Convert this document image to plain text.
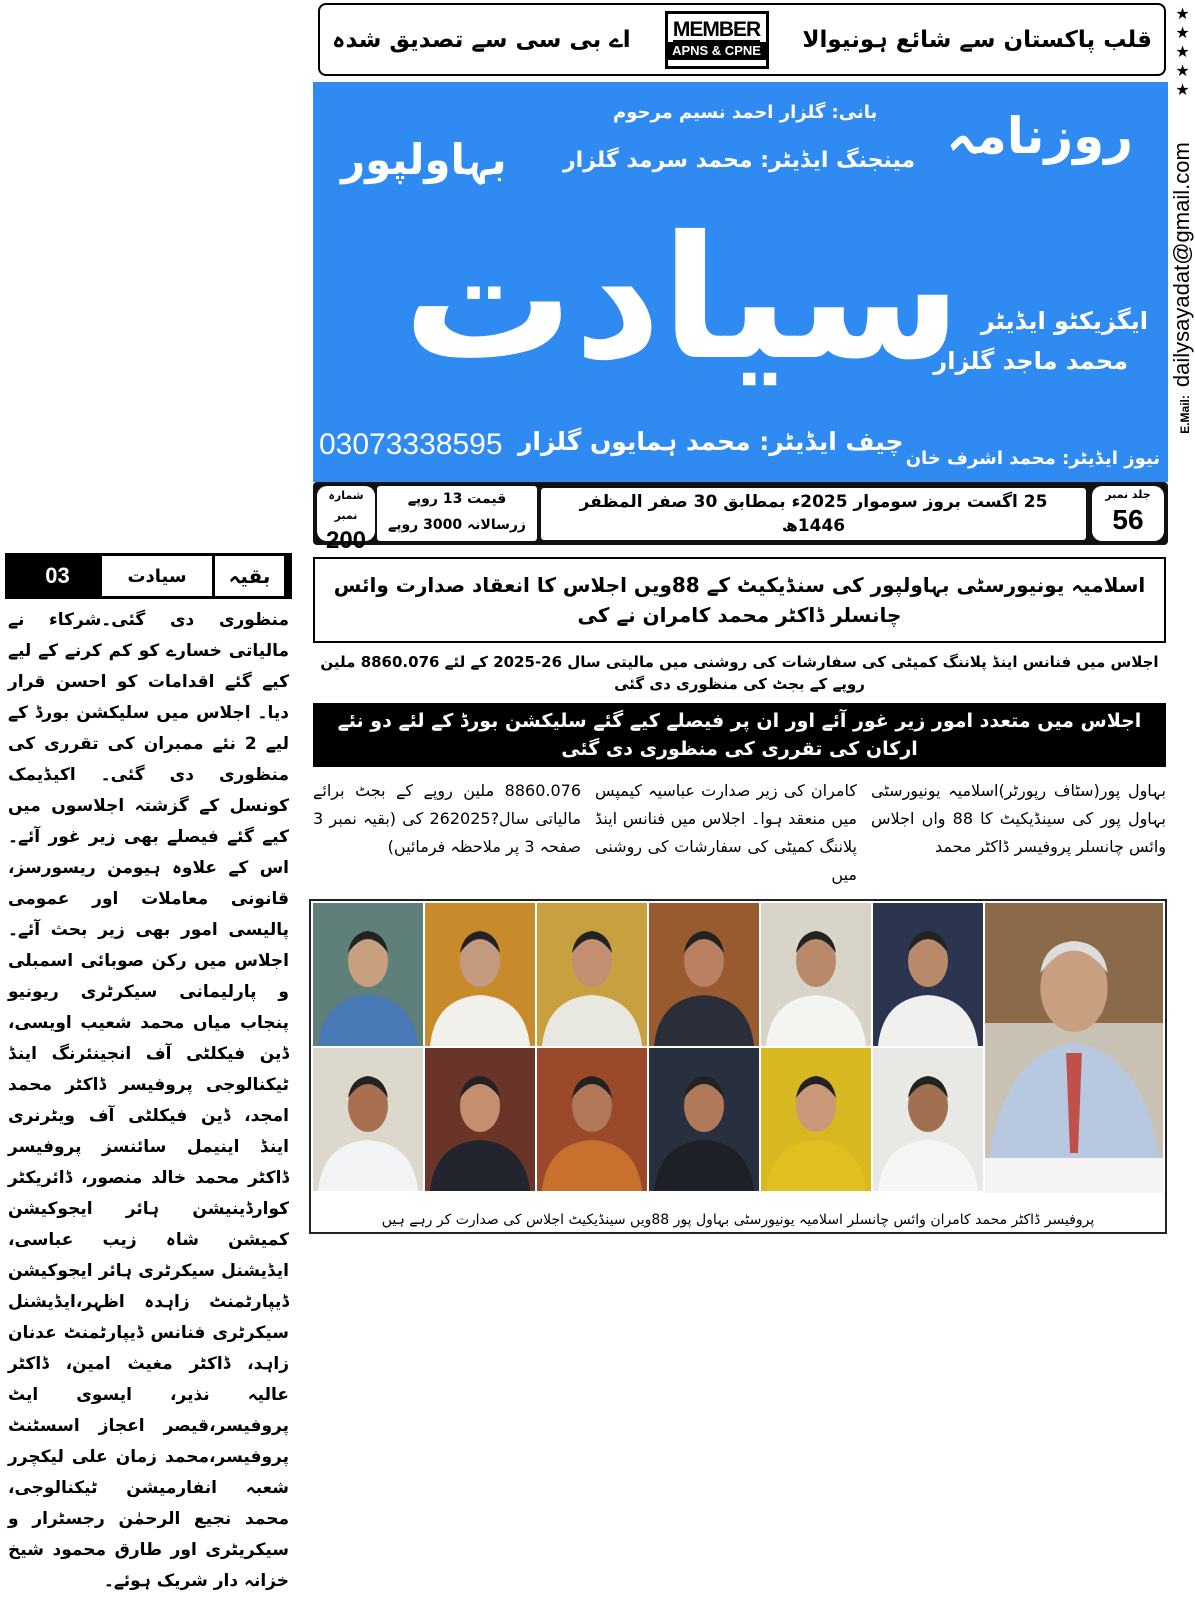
قلب پاکستان سے شائع ہونیوالا
MEMBER
APNS & CPNE
اے بی سی سے تصدیق شدہ	★★★★★
E.Mail:dailysayadat@gmail.com
روزنامہ
بہاولپور
بانی: گلزار احمد نسیم مرحوم
مینجنگ ایڈیٹر: محمد سرمد گلزار
سیادت ایگزیکٹو ایڈیٹر
محمد ماجد گلزار
03073338595 چیف ایڈیٹر: محمد ہمایوں گلزار
نیوز ایڈیٹر: محمد اشرف خان
جلد نمبر
56
25 اگست بروز سوموار 2025ء بمطابق 30 صفر المظفر 1446ھ
قیمت 13 روپے
زرسالانہ 3000 روپے
شمارہ نمبر
200
بقیہ
سیادت
03
منظوری دی گئی۔شرکاء نے مالیاتی خسارے کو کم کرنے کے لیے کیے گئے اقدامات کو احسن قرار دیا۔ اجلاس میں سلیکشن بورڈ کے لیے 2 نئے ممبران کی تقرری کی منظوری دی گئی۔ اکیڈیمک کونسل کے گزشتہ اجلاسوں میں کیے گئے فیصلے بھی زیر غور آئے۔ اس کے علاوہ ہیومن ریسورسز، قانونی معاملات اور عمومی پالیسی امور بھی زیر بحث آئے۔ اجلاس میں رکن صوبائی اسمبلی و پارلیمانی سیکرٹری ریونیو پنجاب میاں محمد شعیب اویسی، ڈین فیکلٹی آف انجینئرنگ اینڈ ٹیکنالوجی پروفیسر ڈاکٹر محمد امجد، ڈین فیکلٹی آف ویٹرنری اینڈ اینیمل سائنسز پروفیسر ڈاکٹر محمد خالد منصور، ڈائریکٹر کوارڈینیشن ہائر ایجوکیشن کمیشن شاہ زیب عباسی، ایڈیشنل سیکرٹری ہائر ایجوکیشن ڈیپارٹمنٹ زاہدہ اظہر،ایڈیشنل سیکرٹری فنانس ڈیپارٹمنٹ عدنان زاہد، ڈاکٹر مغیث امین، ڈاکٹر عالیہ نذیر، ایسوی ایٹ پروفیسر،قیصر اعجاز اسسٹنٹ پروفیسر،محمد زمان علی لیکچرر شعبہ انفارمیشن ٹیکنالوجی، محمد نجیع الرحمٰن رجسٹرار و سیکریٹری اور طارق محمود شیخ خزانہ دار شریک ہوئے۔
اسلامیہ یونیورسٹی بہاولپور کی سنڈیکیٹ کے 88ویں اجلاس کا انعقاد صدارت وائس چانسلر ڈاکٹر محمد کامران نے کی
اجلاس میں فنانس اینڈ پلاننگ کمیٹی کی سفارشات کی روشنی میں مالیتی سال 26-2025 کے لئے 8860.076 ملین روپے کے بجٹ کی منظوری دی گئی
اجلاس میں متعدد امور زیر غور آئے اور ان پر فیصلے کیے گئے سلیکشن بورڈ کے لئے دو نئے ارکان کی تقرری کی منظوری دی گئی
بہاول پور(سٹاف رپورٹر)اسلامیہ یونیورسٹی بہاول پور کی سینڈیکیٹ کا 88 واں اجلاس وائس چانسلر پروفیسر ڈاکٹر محمد
کامران کی زیر صدارت عباسیہ کیمپس میں منعقد ہوا۔ اجلاس میں فنانس اینڈ پلاننگ کمیٹی کی سفارشات کی روشنی میں
8860.076 ملین روپے کے بجٹ برائے مالیاتی سال?262025 کی (بقیہ نمبر 3 صفحہ 3 پر ملاحظہ فرمائیں)
پروفیسر ڈاکٹر محمد کامران وائس چانسلر اسلامیہ یونیورسٹی بہاول پور 88ویں سینڈیکیٹ اجلاس کی صدارت کر رہے ہیں
